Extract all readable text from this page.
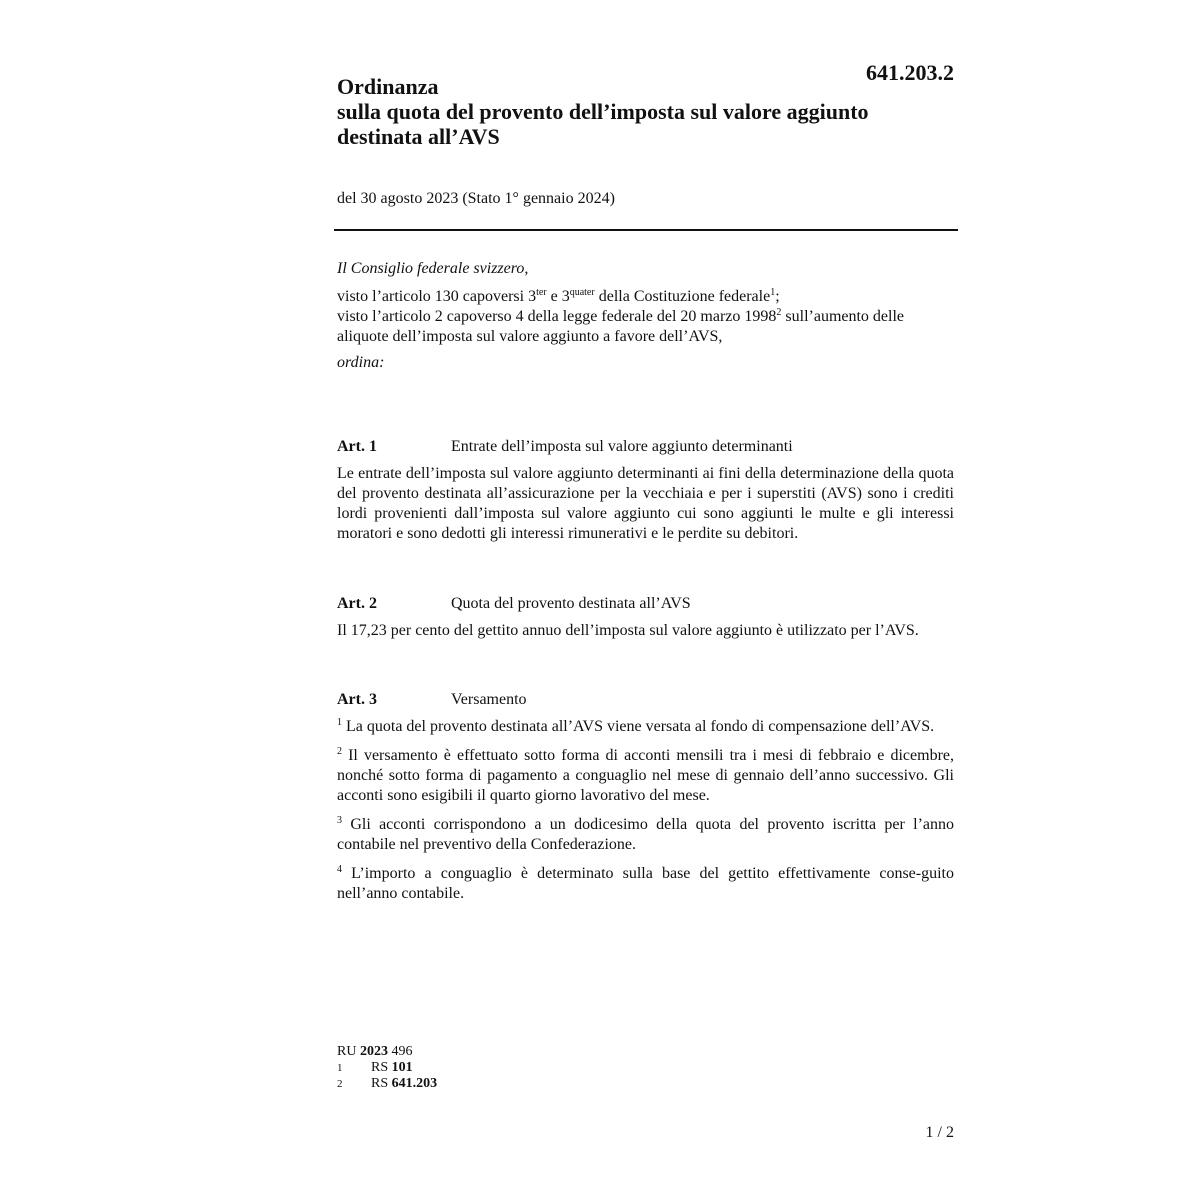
641.203.2
Ordinanza
sulla quota del provento dell’imposta sul valore aggiunto
destinata all’AVS
del 30 agosto 2023 (Stato 1° gennaio 2024)

Il Consiglio federale svizzero,

visto l’articolo 130 capoversi $3^{ter}$ e $3^{quater}$ della Costituzione federale$^1$;

visto l’articolo 2 capoverso 4 della legge federale del 20 marzo 1998$^2$ sull’aumento delle aliquote dell’imposta sul valore aggiunto a favore dell’AVS,

ordina:

Art. 1	Entrate dell’imposta sul valore aggiunto determinanti

Le entrate dell’imposta sul valore aggiunto determinanti ai fini della determinazione della quota del provento destinata all’assicurazione per la vecchiaia e per i superstiti (AVS) sono i crediti lordi provenienti dall’imposta sul valore aggiunto cui sono aggiunti le multe e gli interessi moratori e sono dedotti gli interessi rimunerativi e le perdite su debitori.

Art. 2	Quota del provento destinata all’AVS

Il 17,23 per cento del gettito annuo dell’imposta sul valore aggiunto è utilizzato per l’AVS.

Art. 3	Versamento

$^1$ La quota del provento destinata all’AVS viene versata al fondo di compensazione dell’AVS.

$^2$ Il versamento è effettuato sotto forma di acconti mensili tra i mesi di febbraio e dicembre, nonché sotto forma di pagamento a conguaglio nel mese di gennaio dell’anno successivo. Gli acconti sono esigibili il quarto giorno lavorativo del mese.

$^3$ Gli acconti corrispondono a un dodicesimo della quota del provento iscritta per l’anno contabile nel preventivo della Confederazione.

$^4$ L’importo a conguaglio è determinato sulla base del gettito effettivamente conse-guito nell’anno contabile.

RU 2023 496
1	RS 101
2	RS 641.203
1 / 2
